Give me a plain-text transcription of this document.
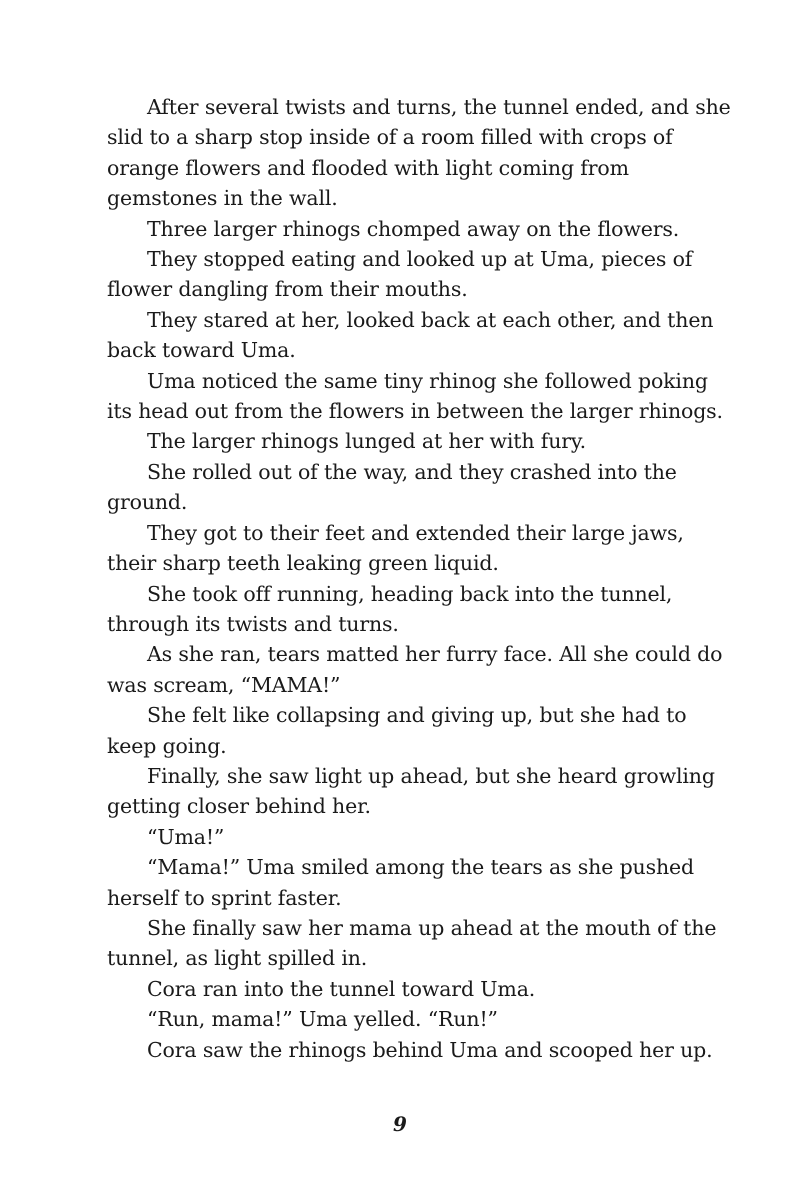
After several twists and turns, the tunnel ended, and she slid to a sharp stop inside of a room filled with crops of orange flowers and flooded with light coming from gemstones in the wall.

Three larger rhinogs chomped away on the flowers.

They stopped eating and looked up at Uma, pieces of flower dangling from their mouths.

They stared at her, looked back at each other, and then back toward Uma.

Uma noticed the same tiny rhinog she followed poking its head out from the flowers in between the larger rhinogs.

The larger rhinogs lunged at her with fury.

She rolled out of the way, and they crashed into the ground.

They got to their feet and extended their large jaws, their sharp teeth leaking green liquid.

She took off running, heading back into the tunnel, through its twists and turns.

As she ran, tears matted her furry face. All she could do was scream, “MAMA!”

She felt like collapsing and giving up, but she had to keep going.

Finally, she saw light up ahead, but she heard growling getting closer behind her.

“Uma!”

“Mama!” Uma smiled among the tears as she pushed herself to sprint faster.

She finally saw her mama up ahead at the mouth of the tunnel, as light spilled in.

Cora ran into the tunnel toward Uma.

“Run, mama!” Uma yelled. “Run!”

Cora saw the rhinogs behind Uma and scooped her up.

9
